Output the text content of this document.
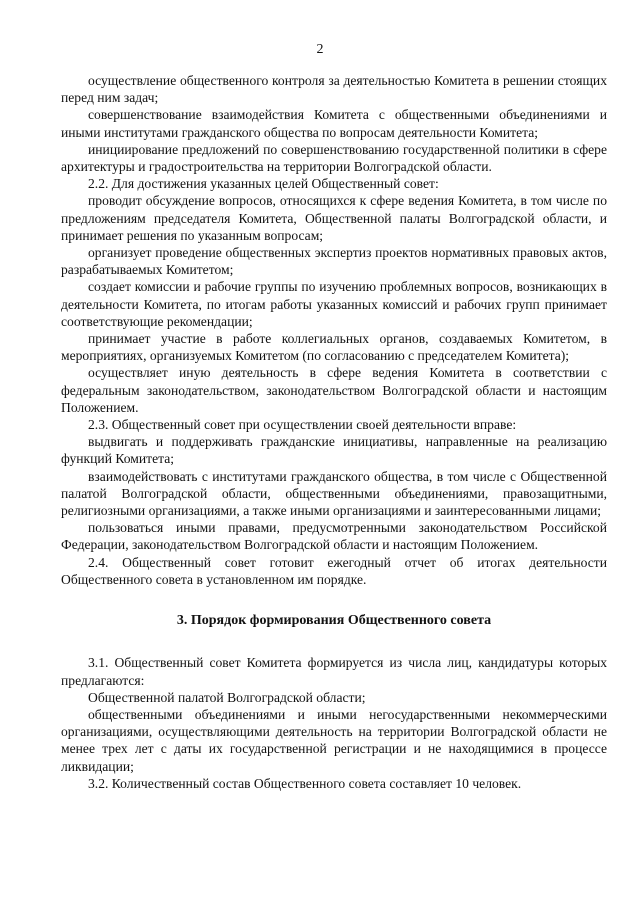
2

осуществление общественного контроля за деятельностью Комитета в решении стоящих перед ним задач;

совершенствование взаимодействия Комитета с общественными объединениями и иными институтами гражданского общества по вопросам деятельности Комитета;

инициирование предложений по совершенствованию государственной политики в сфере архитектуры и градостроительства на территории Волгоградской области.

2.2. Для достижения указанных целей Общественный совет:

проводит обсуждение вопросов, относящихся к сфере ведения Комитета, в том числе по предложениям председателя Комитета, Общественной палаты Волгоградской области, и принимает решения по указанным вопросам;

организует проведение общественных экспертиз проектов нормативных правовых актов, разрабатываемых Комитетом;

создает комиссии и рабочие группы по изучению проблемных вопросов, возникающих в деятельности Комитета, по итогам работы указанных комиссий и рабочих групп принимает соответствующие рекомендации;

принимает участие в работе коллегиальных органов, создаваемых Комитетом, в мероприятиях, организуемых Комитетом (по согласованию с председателем Комитета);

осуществляет иную деятельность в сфере ведения Комитета в соответствии с федеральным законодательством, законодательством Волгоградской области и настоящим Положением.

2.3. Общественный совет при осуществлении своей деятельности вправе:

выдвигать и поддерживать гражданские инициативы, направленные на реализацию функций Комитета;

взаимодействовать с институтами гражданского общества, в том числе с Общественной палатой Волгоградской области, общественными объединениями, правозащитными, религиозными организациями, а также иными организациями и заинтересованными лицами;

пользоваться иными правами, предусмотренными законодательством Российской Федерации, законодательством Волгоградской области и настоящим Положением.

2.4. Общественный совет готовит ежегодный отчет об итогах деятельности Общественного совета в установленном им порядке.

3. Порядок формирования Общественного совета

3.1. Общественный совет Комитета формируется из числа лиц, кандидатуры которых предлагаются:

Общественной палатой Волгоградской области;

общественными объединениями и иными негосударственными некоммерческими организациями, осуществляющими деятельность на территории Волгоградской области не менее трех лет с даты их государственной регистрации и не находящимися в процессе ликвидации;

3.2. Количественный состав Общественного совета составляет 10 человек.
